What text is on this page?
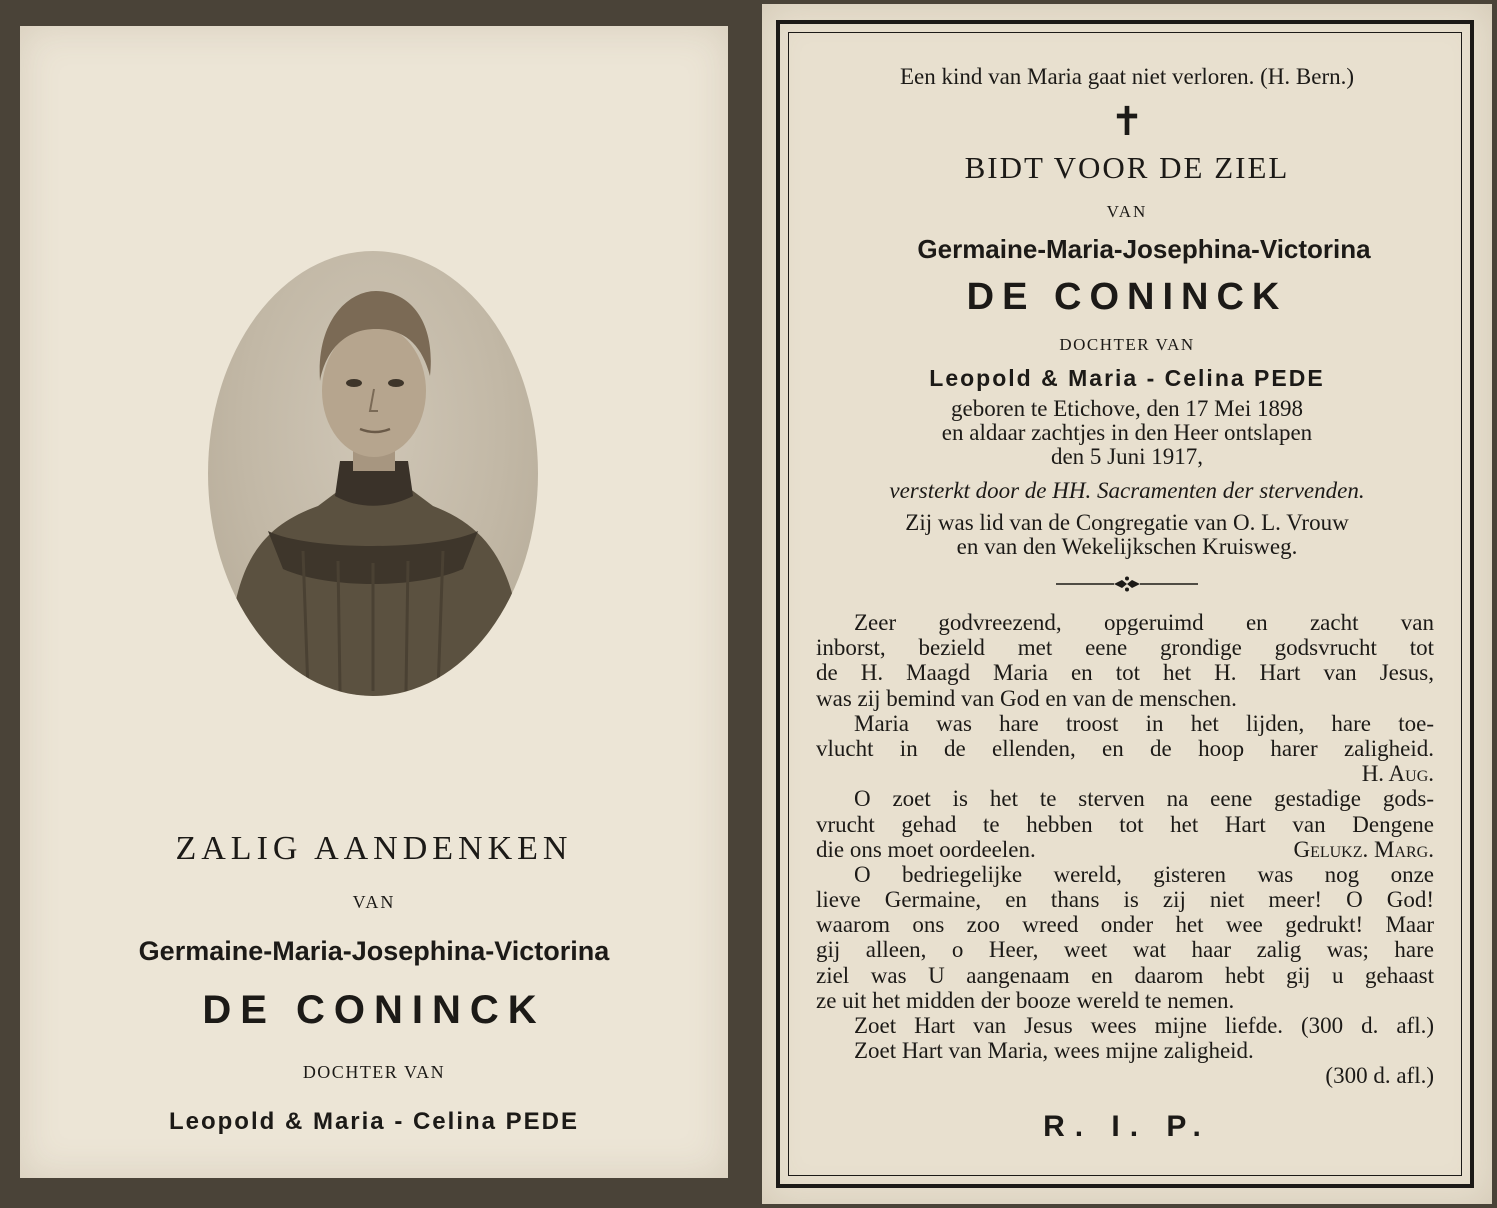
ZALIG AANDENKEN
VAN
Germaine-Maria-Josephina-Victorina
DE CONINCK
DOCHTER VAN
Leopold & Maria - Celina PEDE
Een kind van Maria gaat niet verloren. (H. Bern.)
✝
BIDT VOOR DE ZIEL
VAN
Germaine-Maria-Josephina-Victorina
DE CONINCK
DOCHTER VAN
Leopold & Maria - Celina PEDE
geboren te Etichove, den 17 Mei 1898
en aldaar zachtjes in den Heer ontslapen
den 5 Juni 1917,
versterkt door de HH. Sacramenten der stervenden.
Zij was lid van de Congregatie van O. L. Vrouw
en van den Wekelijkschen Kruisweg.
Zeer godvreezend, opgeruimd en zacht van
inborst, bezield met eene grondige godsvrucht tot
de H. Maagd Maria en tot het H. Hart van Jesus,
was zij bemind van God en van de menschen.
Maria was hare troost in het lijden, hare toe-
vlucht in de ellenden, en de hoop harer zaligheid.
H. Aug.
O zoet is het te sterven na eene gestadige gods-
vrucht gehad te hebben tot het Hart van Dengene
die ons moet oordeelen.	Gelukz. Marg.
O bedriegelijke wereld, gisteren was nog onze
lieve Germaine, en thans is zij niet meer! O God!
waarom ons zoo wreed onder het wee gedrukt! Maar
gij alleen, o Heer, weet wat haar zalig was; hare
ziel was U aangenaam en daarom hebt gij u gehaast
ze uit het midden der booze wereld te nemen.
Zoet Hart van Jesus wees mijne liefde. (300 d. afl.)
Zoet Hart van Maria, wees mijne zaligheid.
(300 d. afl.)
R. I. P.
